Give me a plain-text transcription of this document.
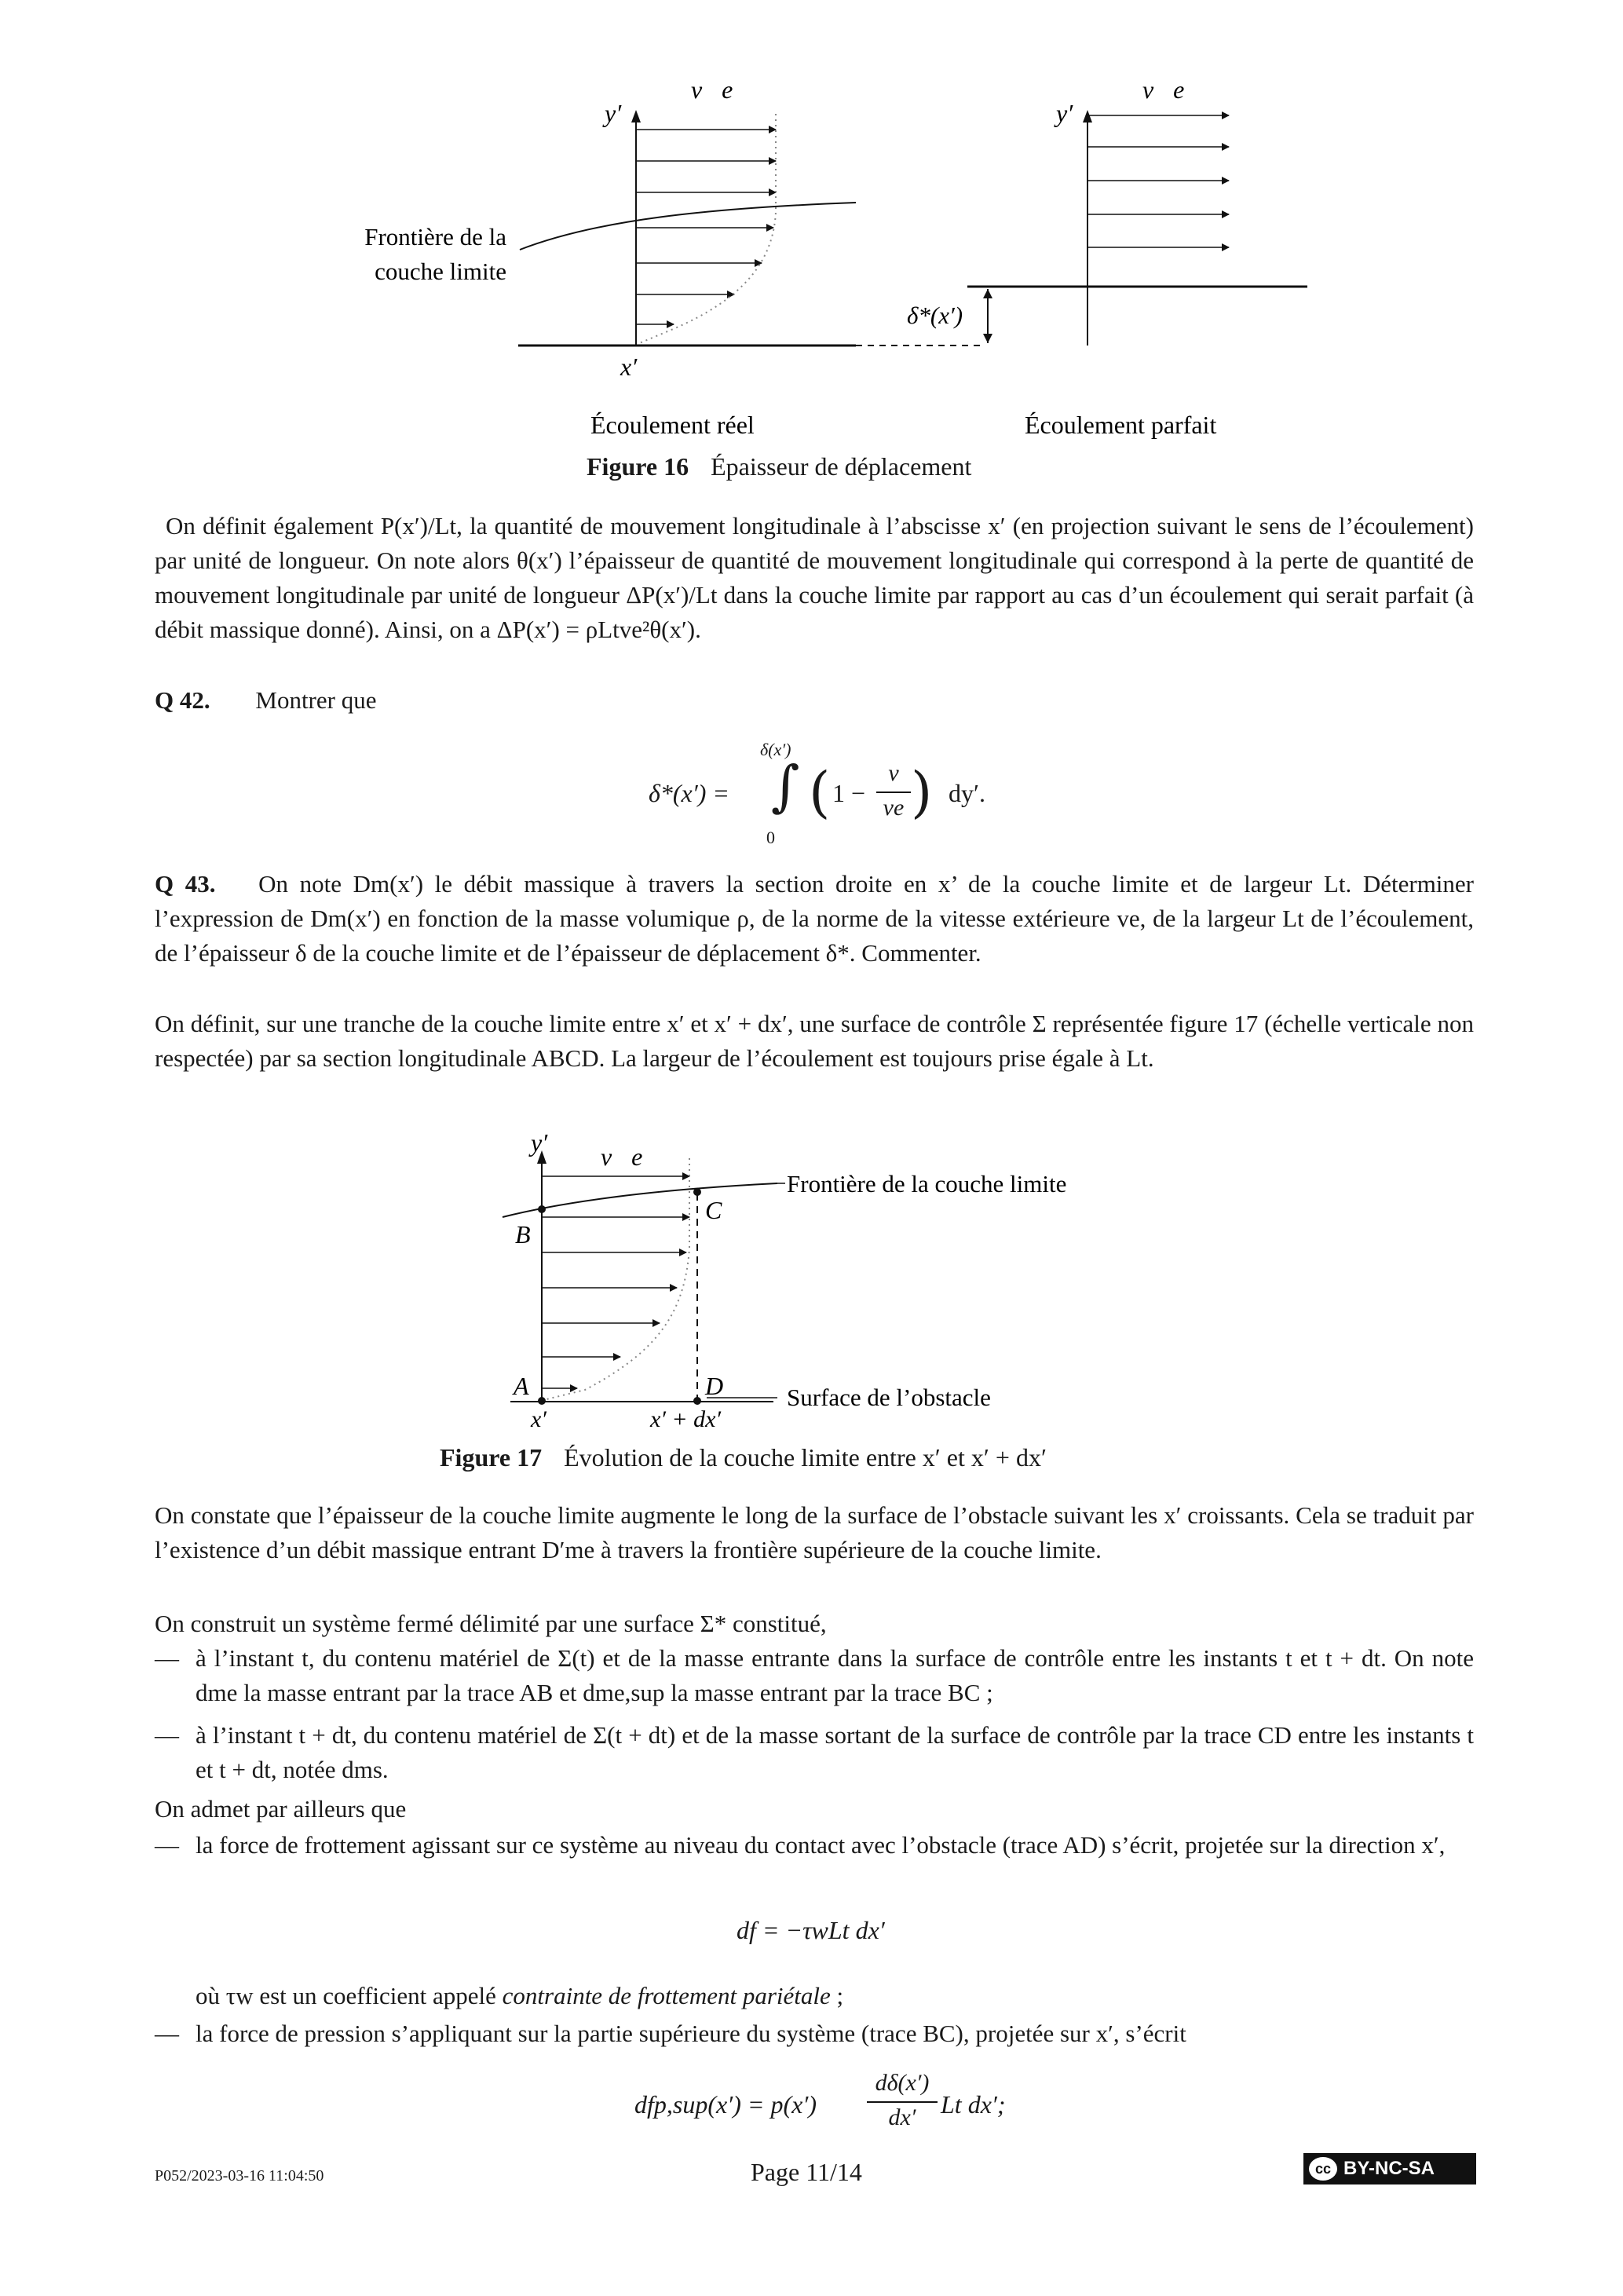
y′
v⃗e
x′
Frontière de la
couche limite
y′
v⃗e
δ*(x′)
Écoulement réel	Écoulement parfait
Figure 16 Épaisseur de déplacement
On définit également P(x′)/Lt, la quantité de mouvement longitudinale à l’abscisse x′ (en projection suivant le sens de l’écoulement) par unité de longueur. On note alors θ(x′) l’épaisseur de quantité de mouvement longitudinale qui correspond à la perte de quantité de mouvement longitudinale par unité de longueur ΔP(x′)/Lt dans la couche limite par rapport au cas d’un écoulement qui serait parfait (à débit massique donné). Ainsi, on a ΔP(x′) = ρLtve²θ(x′).
Q 42. Montrer que
δ*(x′) =
δ(x′)
∫
0
( 1 −
v
ve ) dy′.
Q 43. On note Dm(x′) le débit massique à travers la section droite en x’ de la couche limite et de largeur Lt. Déterminer l’expression de Dm(x′) en fonction de la masse volumique ρ, de la norme de la vitesse extérieure ve, de la largeur Lt de l’écoulement, de l’épaisseur δ de la couche limite et de l’épaisseur de déplacement δ*. Commenter.
On définit, sur une tranche de la couche limite entre x′ et x′ + dx′, une surface de contrôle Σ représentée figure 17 (échelle verticale non respectée) par sa section longitudinale ABCD. La largeur de l’écoulement est toujours prise égale à Lt.
y′ v⃗e
B
C
A	D
x′	x′ + dx′
Frontière de la couche limite
Surface de l’obstacle
Figure 17 Évolution de la couche limite entre x′ et x′ + dx′
On constate que l’épaisseur de la couche limite augmente le long de la surface de l’obstacle suivant les x′ croissants. Cela se traduit par l’existence d’un débit massique entrant D′me à travers la frontière supérieure de la couche limite.
On construit un système fermé délimité par une surface Σ* constitué,
— à l’instant t, du contenu matériel de Σ(t) et de la masse entrante dans la surface de contrôle entre les instants t et t + dt. On note dme la masse entrant par la trace AB et dme,sup la masse entrant par la trace BC ;
— à l’instant t + dt, du contenu matériel de Σ(t + dt) et de la masse sortant de la surface de contrôle par la trace CD entre les instants t et t + dt, notée dms.
On admet par ailleurs que
— la force de frottement agissant sur ce système au niveau du contact avec l’obstacle (trace AD) s’écrit, projetée sur la direction x′,
df = −τwLt dx′
où τw est un coefficient appelé contrainte de frottement pariétale ;
— la force de pression s’appliquant sur la partie supérieure du système (trace BC), projetée sur x′, s’écrit
dfp,sup(x′) = p(x′)
dδ(x′)
dx′ Lt dx′;
P052/2023-03-16 11:04:50	Page 11/14	cc BY-NC-SA
